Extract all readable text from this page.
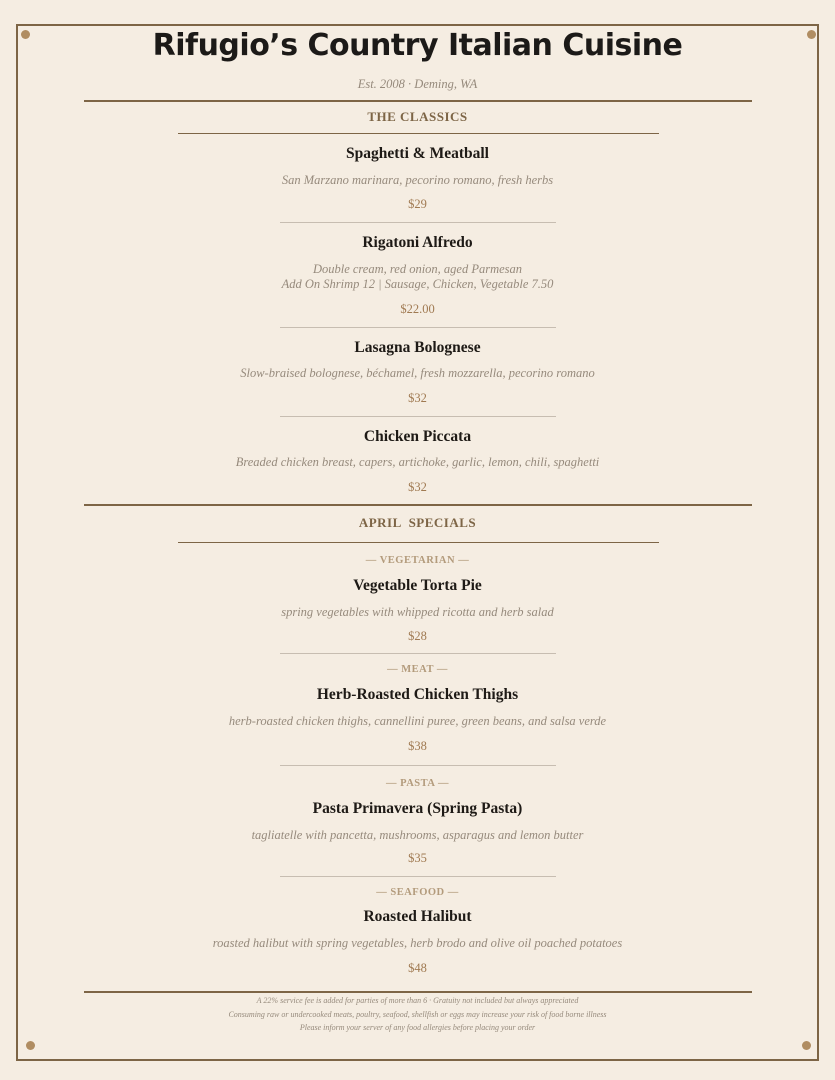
Rifugio’s Country Italian Cuisine
Est. 2008 · Deming, WA
THE CLASSICS
Spaghetti & Meatball
San Marzano marinara, pecorino romano, fresh herbs
$29
Rigatoni Alfredo
Double cream, red onion, aged Parmesan
Add On Shrimp 12 | Sausage, Chicken, Vegetable 7.50
$22.00
Lasagna Bolognese
Slow-braised bolognese, béchamel, fresh mozzarella, pecorino romano
$32
Chicken Piccata
Breaded chicken breast, capers, artichoke, garlic, lemon, chili, spaghetti
$32
APRIL  SPECIALS
— VEGETARIAN —
Vegetable Torta Pie
spring vegetables with whipped ricotta and herb salad
$28
— MEAT —
Herb-Roasted Chicken Thighs
herb-roasted chicken thighs, cannellini puree, green beans, and salsa verde
$38
— PASTA —
Pasta Primavera (Spring Pasta)
tagliatelle with pancetta, mushrooms, asparagus and lemon butter
$35
— SEAFOOD —
Roasted Halibut
roasted halibut with spring vegetables, herb brodo and olive oil poached potatoes
$48
A 22% service fee is added for parties of more than 6 · Gratuity not included but always appreciated
Consuming raw or undercooked meats, poultry, seafood, shellfish or eggs may increase your risk of food borne illness
Please inform your server of any food allergies before placing your order
